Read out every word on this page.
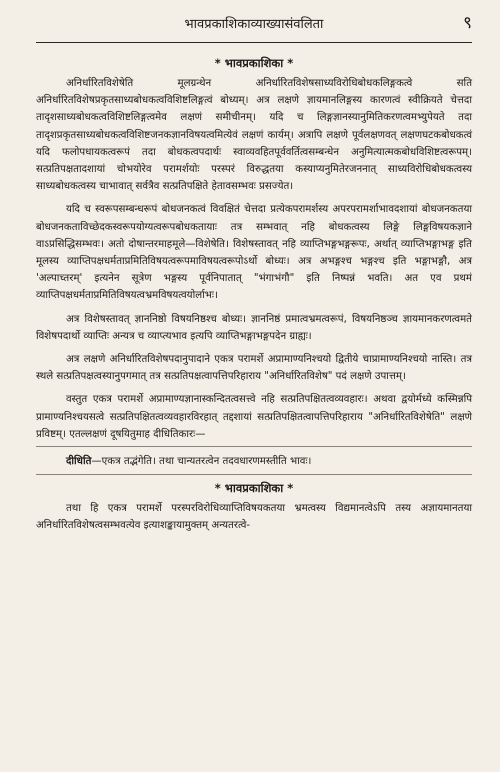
भावप्रकाशिकाव्याख्यासंवलिता	९
* भावप्रकाशिका *

अनिर्धारितविशेषेति मूलग्रन्थेन अनिर्धारितविशेषसाध्यविरोधिबोधकलिङ्गकत्वे सति अनिर्धारितविशेषप्रकृतसाध्यबोधकत्वविशिष्टलिङ्गत्वं बोध्यम्। अत्र लक्षणे ज्ञायमानलिङ्गस्य कारणत्वं स्वीक्रियते चेत्तदा तादृशसाध्यबोधकत्वविशिष्टलिङ्गत्वमेव लक्षणं समीचीनम्। यदि च लिङ्गज्ञानस्यानुमितिकरणत्वमभ्युपेयते तदा तादृशप्रकृतसाध्यबोधकत्वविशिष्टजनकज्ञानविषयत्वमित्येवं लक्षणं कार्यम्। अत्रापि लक्षणे पूर्वलक्षणवत् लक्षणघटकबोधकत्वं यदि फलोपधायकत्वरूपं तदा बोधकत्वपदार्थः स्वाव्यवहितपूर्ववर्तित्वसम्बन्धेन अनुमित्यात्मकबोधविशिष्टत्वरूपम्। सत्प्रतिपक्षतादशायां चोभयोरेव परामर्शयोः परस्परं विरुद्धतया कस्याप्यनुमितेरजननात् साध्यविरोधिबोधकत्वस्य साध्यबोधकत्वस्य चाभावात् सर्वत्रैव सत्प्रतिपक्षिते हेतावसम्भवः प्रसज्येत।

यदि च स्वरूपसम्बन्धरूपं बोधजनकत्वं विवक्षितं चेत्तदा प्रत्येकपरामर्शस्य अपरपरामर्शाभावदशायां बोधजनकतया बोधजनकताविच्छेदकस्वरूपयोग्यत्वरूपबोधकतायाः तत्र सम्भवात् नहि बोधकत्वस्य लिङ्गे लिङ्गविषयकज्ञाने वाऽप्रसिद्धिसम्भवः। अतो दोषान्तरमाहमूले—विशेषेति। विशेषस्तावत् नहि व्याप्तिभङ्गभङ्गरूपः, अर्थात् व्याप्तिभङ्गाभङ्ग इति मूलस्य व्याप्तिपक्षधर्मताप्रमितिविषयत्वरूपमाविषयत्वरूपोऽर्थो बोध्यः। अत्र अभङ्गश्च भङ्गश्च इति भङ्गाभङ्गौ, अत्र 'अल्पाच्तरम्' इत्यनेन सूत्रेण भङ्गस्य पूर्वनिपातात् "भंगाभंगौ" इति निष्पन्नं भवति। अत एव प्रथमं व्याप्तिपक्षधर्मताप्रमितिविषयत्वभ्रमविषयत्वयोर्लाभः।

अत्र विशेषस्तावत् ज्ञाननिष्ठो विषयनिष्ठश्च बोध्यः। ज्ञाननिष्ठं प्रमात्वभ्रमत्वरूपं, विषयनिष्ठञ्च ज्ञायमानकरणत्वमते विशेषपदार्थो व्याप्तिः अन्यत्र च व्याप्त्यभाव इत्यपि व्याप्तिभङ्गाभङ्गपदेन ग्राह्यः।

अत्र लक्षणे अनिर्धारितविशेषपदानुपादाने एकत्र परामर्शे अप्रामाण्यनिश्चयो द्वितीये चाप्रामाण्यनिश्चयो नास्ति। तत्र स्थले सत्प्रतिपक्षत्वस्यानुपगमात् तत्र सत्प्रतिपक्षत्वापत्तिपरिहाराय "अनिर्धारितविशेष" पदं लक्षणे उपात्तम्।

वस्तुत एकत्र परामर्शे अप्रामाण्यज्ञानास्कन्दितत्वसत्त्वे नहि सत्प्रतिपक्षितत्वव्यवहारः। अथवा द्वयोर्मध्ये कस्मिन्नपि प्रामाण्यनिश्चयसत्वे सत्प्रतिपक्षितत्वव्यवहारविरहात् तद्दशायां सत्प्रतिपक्षितत्वापत्तिपरिहाराय "अनिर्धारितविशेषेति" लक्षणे प्रविष्टम्। एतल्लक्षणं दूषयितुमाह दीधितिकारः—

दीधिति—एकत्र तद्भंगेति। तथा चान्यतरत्वेन तदवधारणमस्तीति भावः।

* भावप्रकाशिका *

तथा हि एकत्र परामर्शे परस्परविरोधिव्याप्तिविषयकतया भ्रमत्वस्य विद्यमानत्वेऽपि तस्य अज्ञायमानतया अनिर्धारितविशेषत्वसम्भवत्येव इत्याशङ्कायामुक्तम् अन्यतरत्वे-
